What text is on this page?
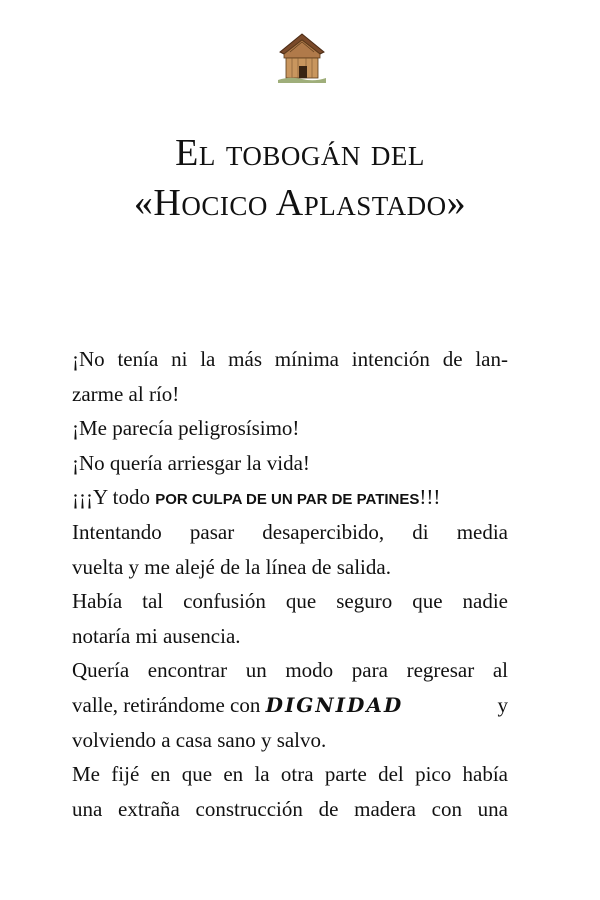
El tobogán del
«Hocico Aplastado»
¡No tenía ni la más mínima intención de lan-
zarme al río!
¡Me parecía peligrosísimo!
¡No quería arriesgar la vida!
¡¡¡Y todo POR CULPA DE UN PAR DE PATINES!!!
Intentando pasar desapercibido, di media
vuelta y me alejé de la línea de salida.
Había tal confusión que seguro que nadie
notaría mi ausencia.
Quería encontrar un modo para regresar al
valle, retirándome con DIGNIDAD	y
volviendo a casa sano y salvo.
Me fijé en que en la otra parte del pico había
una extraña construcción de madera con una
